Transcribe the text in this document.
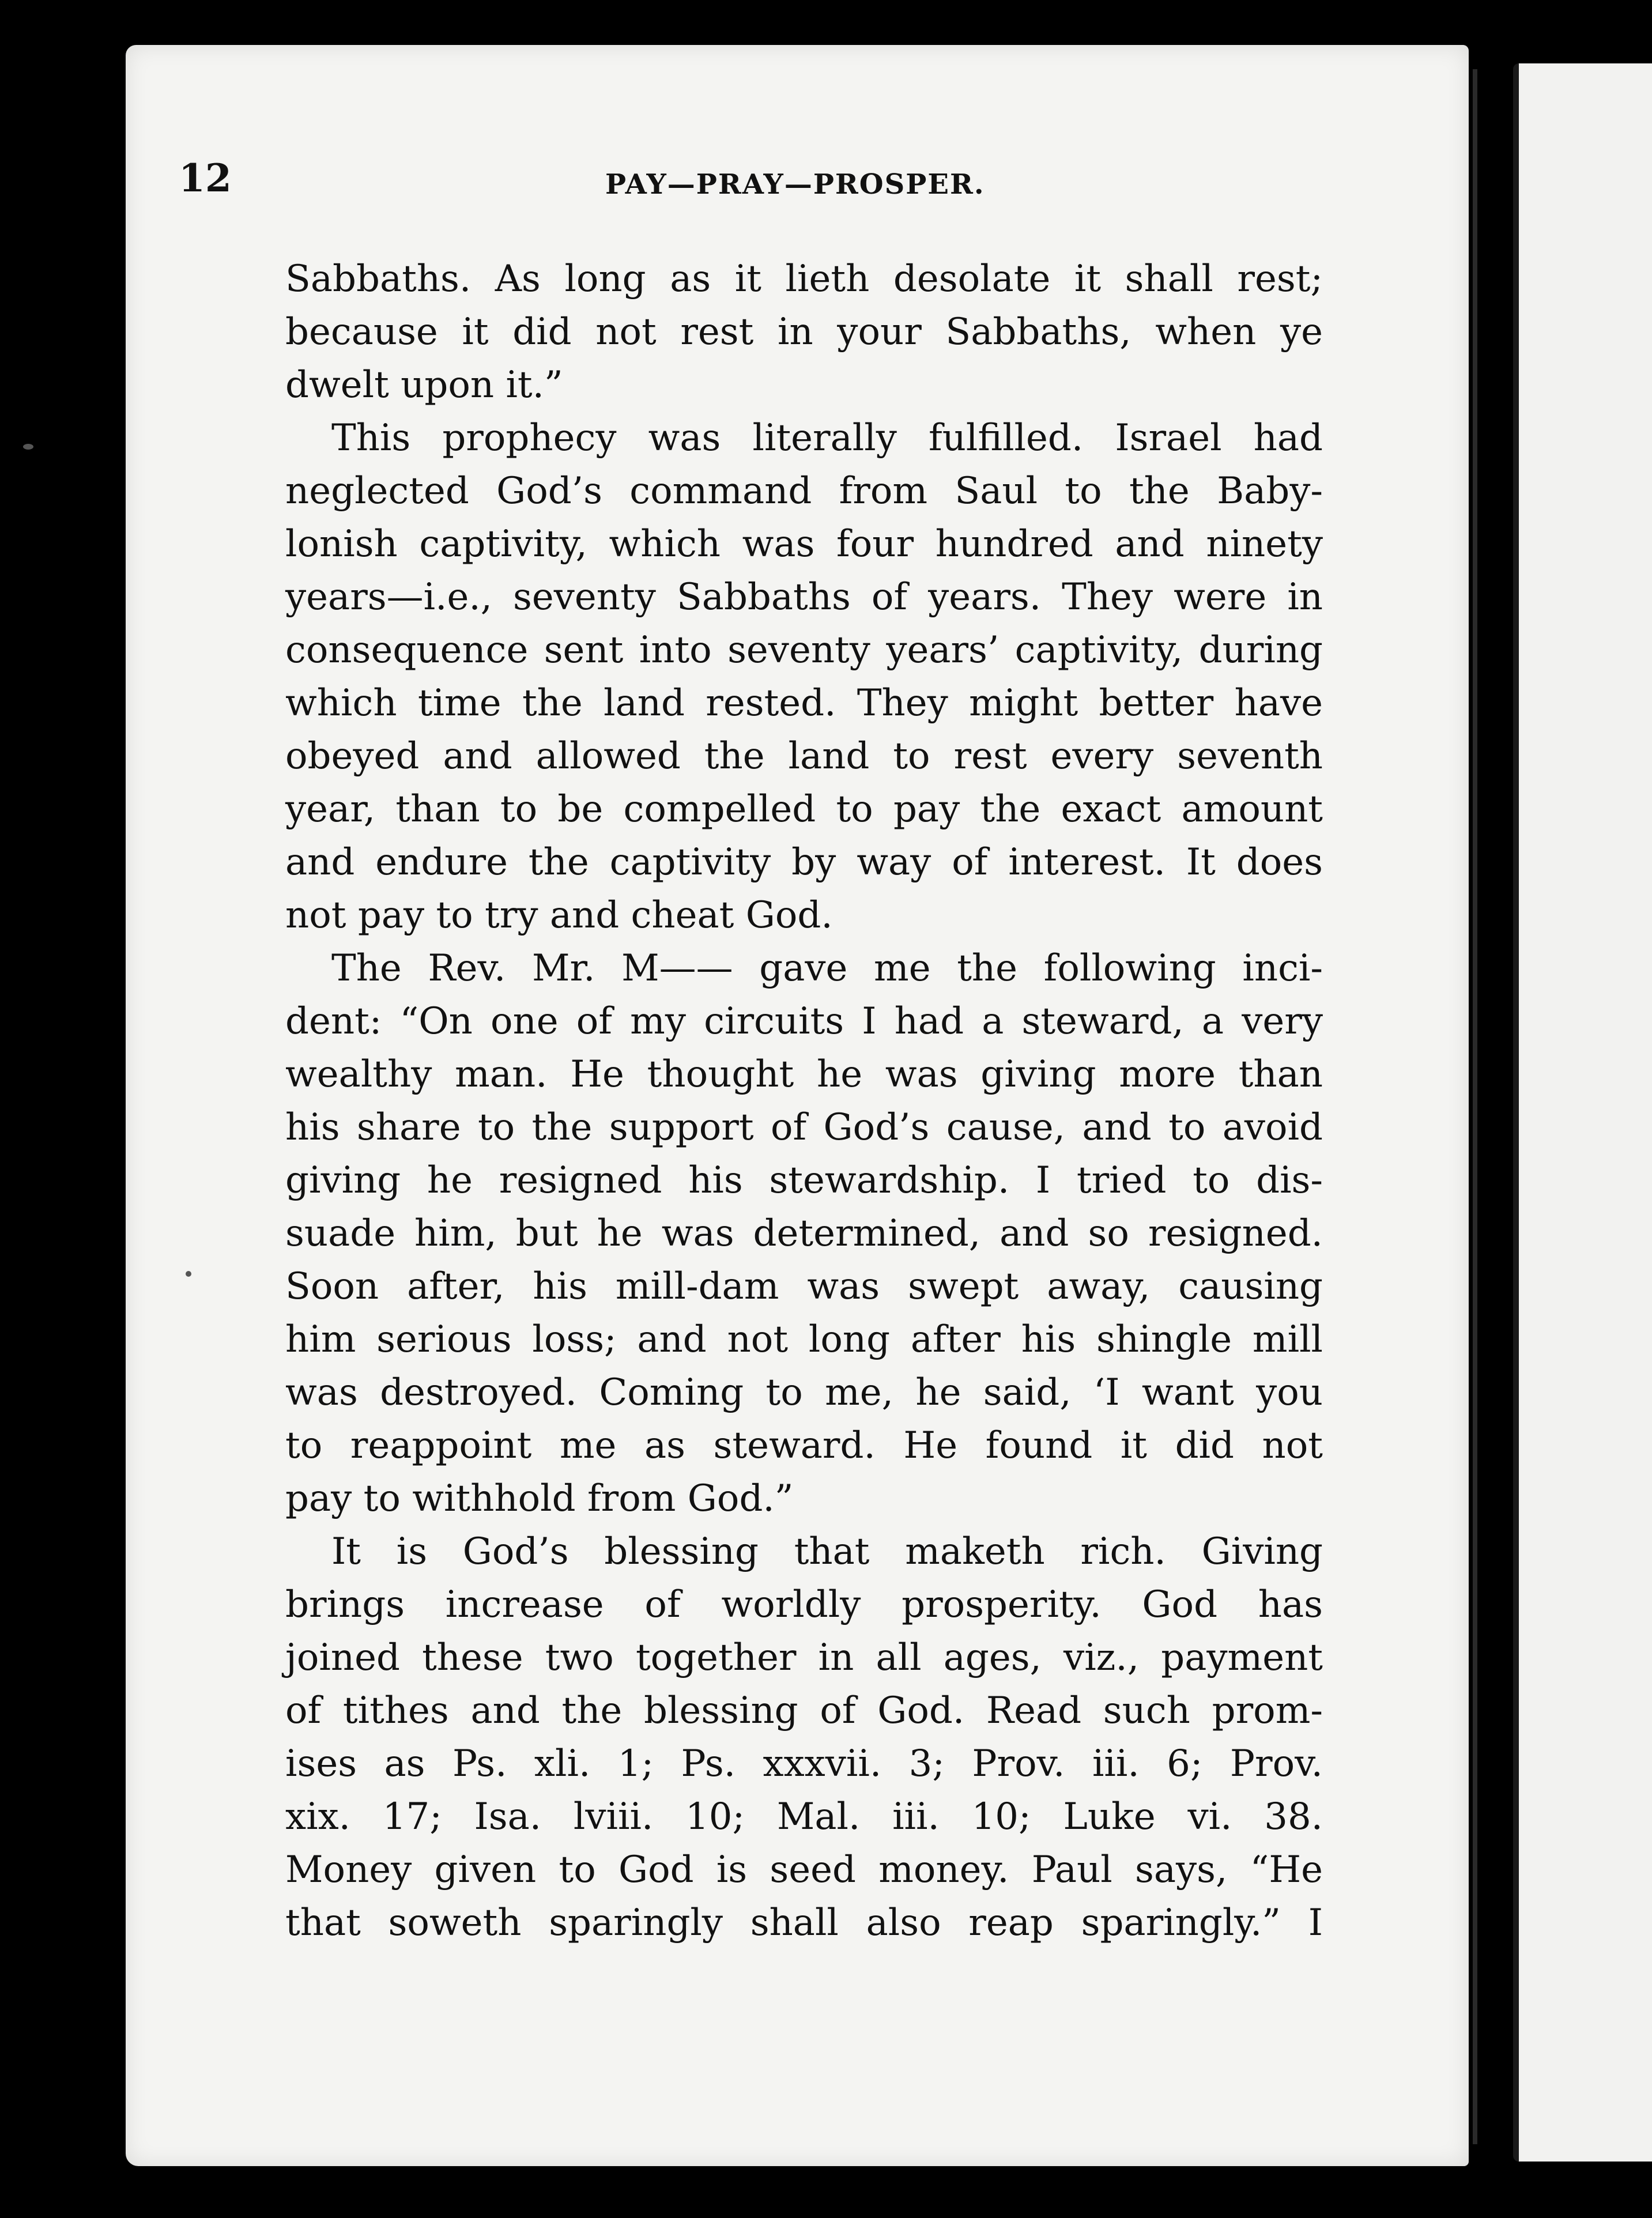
12	PAY—PRAY—PROSPER.
Sabbaths. As long as it lieth desolate it shall rest;
because it did not rest in your Sabbaths, when ye
dwelt upon it.”
This prophecy was literally fulfilled. Israel had
neglected God’s command from Saul to the Baby-
lonish captivity, which was four hundred and ninety
years—i.e., seventy Sabbaths of years. They were in
consequence sent into seventy years’ captivity, during
which time the land rested. They might better have
obeyed and allowed the land to rest every seventh
year, than to be compelled to pay the exact amount
and endure the captivity by way of interest. It does
not pay to try and cheat God.
The Rev. Mr. M—— gave me the following inci-
dent: “On one of my circuits I had a steward, a very
wealthy man. He thought he was giving more than
his share to the support of God’s cause, and to avoid
giving he resigned his stewardship. I tried to dis-
suade him, but he was determined, and so resigned.
Soon after, his mill-dam was swept away, causing
him serious loss; and not long after his shingle mill
was destroyed. Coming to me, he said, ‘I want you
to reappoint me as steward. He found it did not
pay to withhold from God.”
It is God’s blessing that maketh rich. Giving
brings increase of worldly prosperity. God has
joined these two together in all ages, viz., payment
of tithes and the blessing of God. Read such prom-
ises as Ps. xli. 1; Ps. xxxvii. 3; Prov. iii. 6; Prov.
xix. 17; Isa. lviii. 10; Mal. iii. 10; Luke vi. 38.
Money given to God is seed money. Paul says, “He
that soweth sparingly shall also reap sparingly.” I
